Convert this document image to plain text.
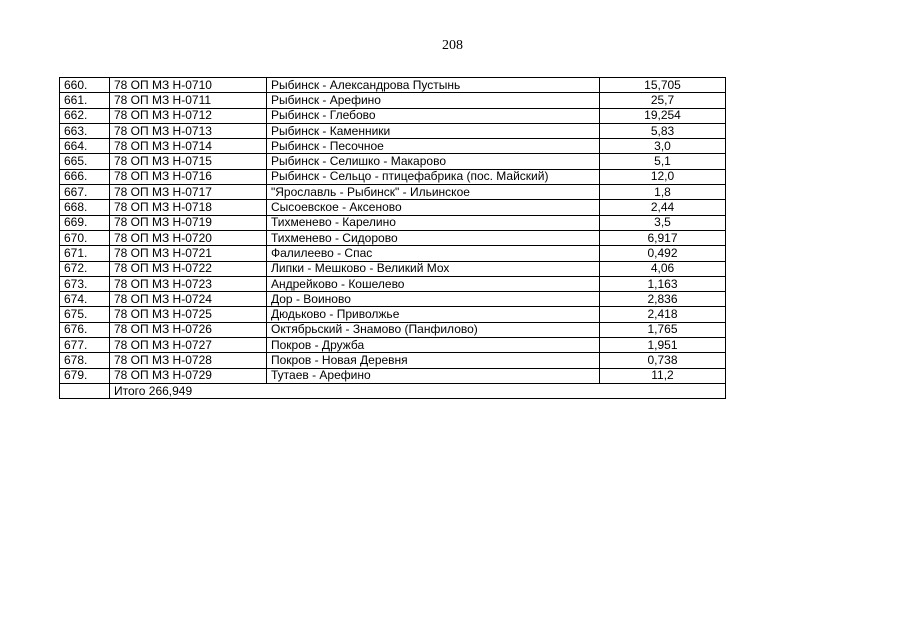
208
660.	78 ОП МЗ Н-0710	Рыбинск - Александрова Пустынь	15,705
661.	78 ОП МЗ Н-0711	Рыбинск - Арефино	25,7
662.	78 ОП МЗ Н-0712	Рыбинск - Глебово	19,254
663.	78 ОП МЗ Н-0713	Рыбинск - Каменники	5,83
664.	78 ОП МЗ Н-0714	Рыбинск - Песочное	3,0
665.	78 ОП МЗ Н-0715	Рыбинск - Селишко - Макарово	5,1
666.	78 ОП МЗ Н-0716	Рыбинск - Сельцо - птицефабрика (пос. Майский)	12,0
667.	78 ОП МЗ Н-0717	"Ярославль - Рыбинск" - Ильинское	1,8
668.	78 ОП МЗ Н-0718	Сысоевское - Аксеново	2,44
669.	78 ОП МЗ Н-0719	Тихменево - Карелино	3,5
670.	78 ОП МЗ Н-0720	Тихменево - Сидорово	6,917
671.	78 ОП МЗ Н-0721	Фалилеево - Спас	0,492
672.	78 ОП МЗ Н-0722	Липки - Мешково - Великий Мох	4,06
673.	78 ОП МЗ Н-0723	Андрейково - Кошелево	1,163
674.	78 ОП МЗ Н-0724	Дор - Воиново	2,836
675.	78 ОП МЗ Н-0725	Дюдьково - Приволжье	2,418
676.	78 ОП МЗ Н-0726	Октябрьский - Знамово (Панфилово)	1,765
677.	78 ОП МЗ Н-0727	Покров - Дружба	1,951
678.	78 ОП МЗ Н-0728	Покров - Новая Деревня	0,738
679.	78 ОП МЗ Н-0729	Тутаев - Арефино	11,2
	Итого 266,949		
